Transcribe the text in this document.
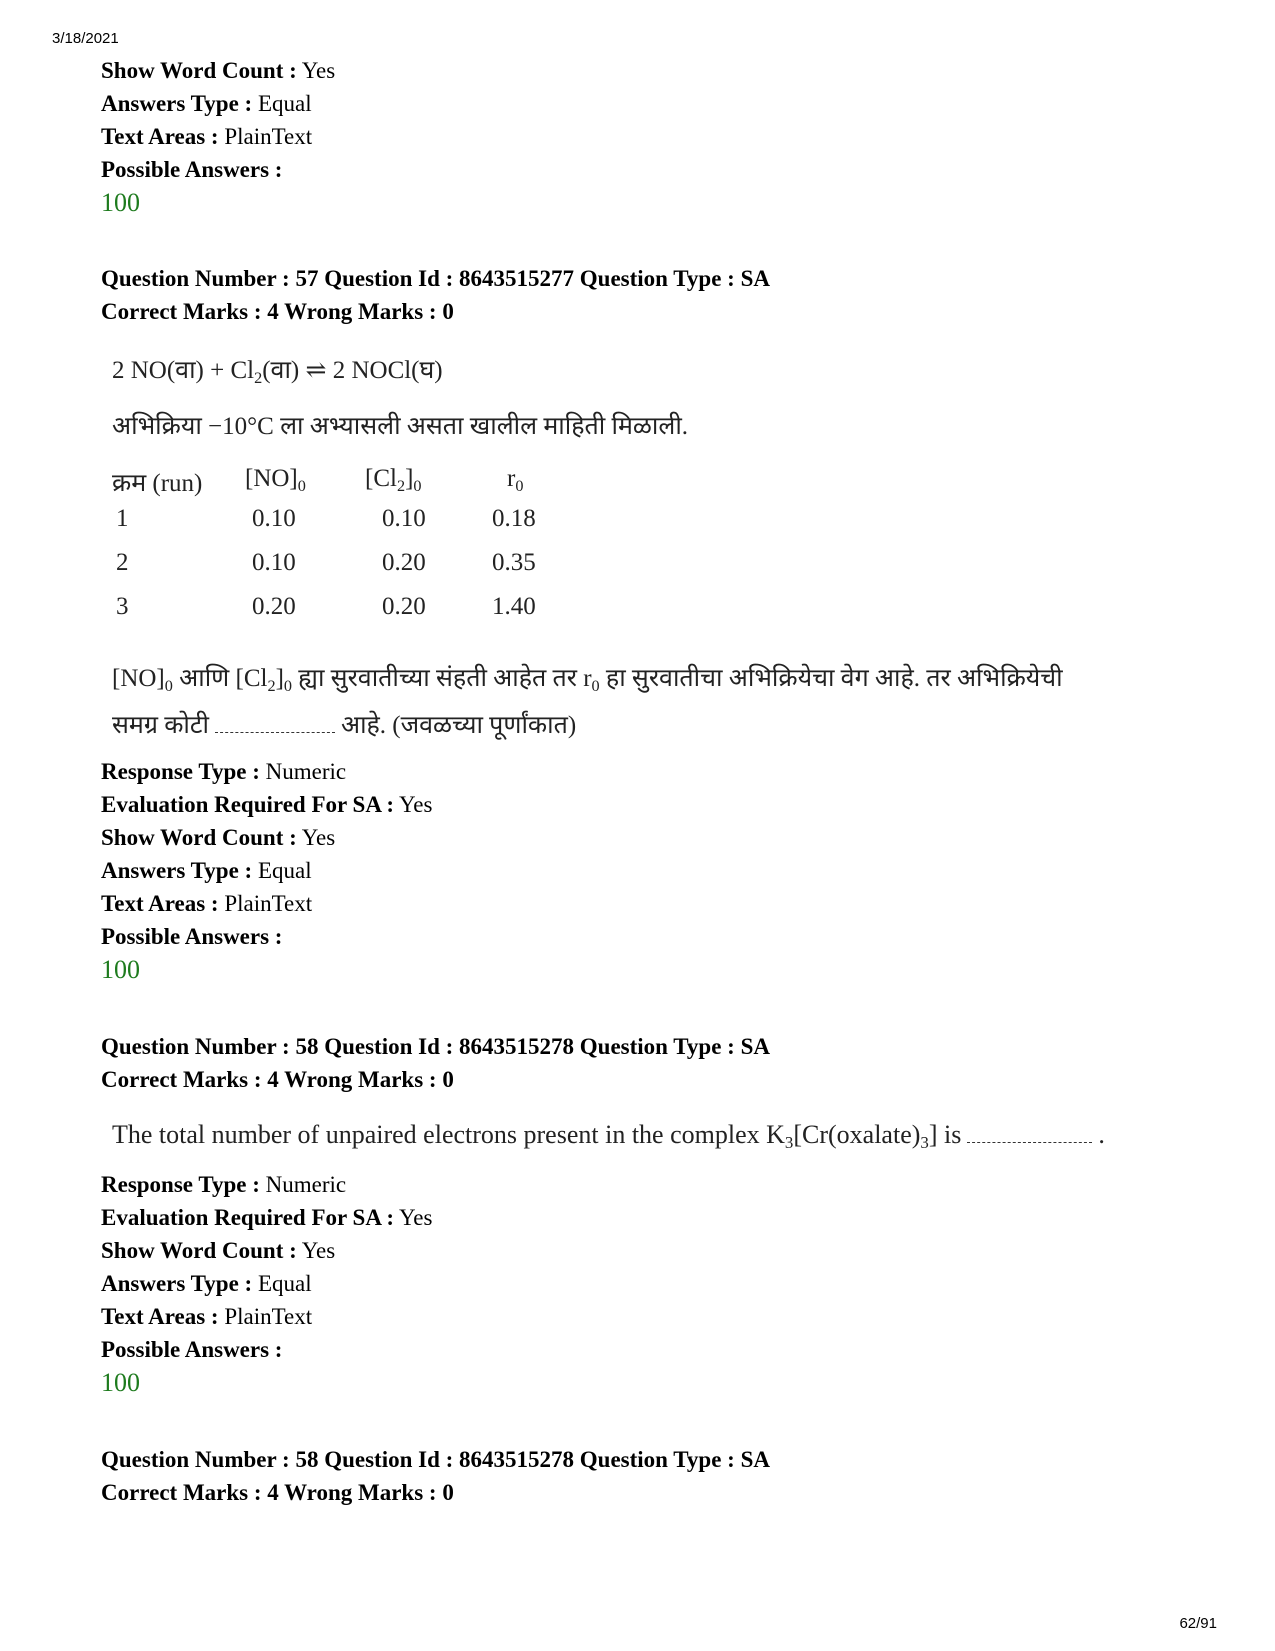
3/18/2021
Show Word Count : Yes
Answers Type : Equal
Text Areas : PlainText
Possible Answers :
100
Question Number : 57 Question Id : 8643515277 Question Type : SA
Correct Marks : 4 Wrong Marks : 0
2 NO(वा) + $Cl_2(वा)$ ⇌ 2 NOCl(घ)
अभिक्रिया −10°C ला अभ्यासली असता खालील माहिती मिळाली.
क्रम (run) $[NO]_0$ $[Cl_2]_0$	$r_0$
1	0.10	0.10	0.18
2	0.10	0.20	0.35
3	0.20	0.20	1.40
$[NO]_0$ आणि $[Cl_2]_0$ ह्या सुरवातीच्या संहती आहेत तर $r_0$ हा सुरवातीचा अभिक्रियेचा वेग आहे. तर अभिक्रियेची
समग्र कोटी	आहे. (जवळच्या पूर्णांकात)
Response Type : Numeric
Evaluation Required For SA : Yes
Show Word Count : Yes
Answers Type : Equal
Text Areas : PlainText
Possible Answers :
100
Question Number : 58 Question Id : 8643515278 Question Type : SA
Correct Marks : 4 Wrong Marks : 0
The total number of unpaired electrons present in the complex $K_3[Cr(oxalate)_3]$ is	.
Response Type : Numeric
Evaluation Required For SA : Yes
Show Word Count : Yes
Answers Type : Equal
Text Areas : PlainText
Possible Answers :
100
Question Number : 58 Question Id : 8643515278 Question Type : SA
Correct Marks : 4 Wrong Marks : 0
62/91
